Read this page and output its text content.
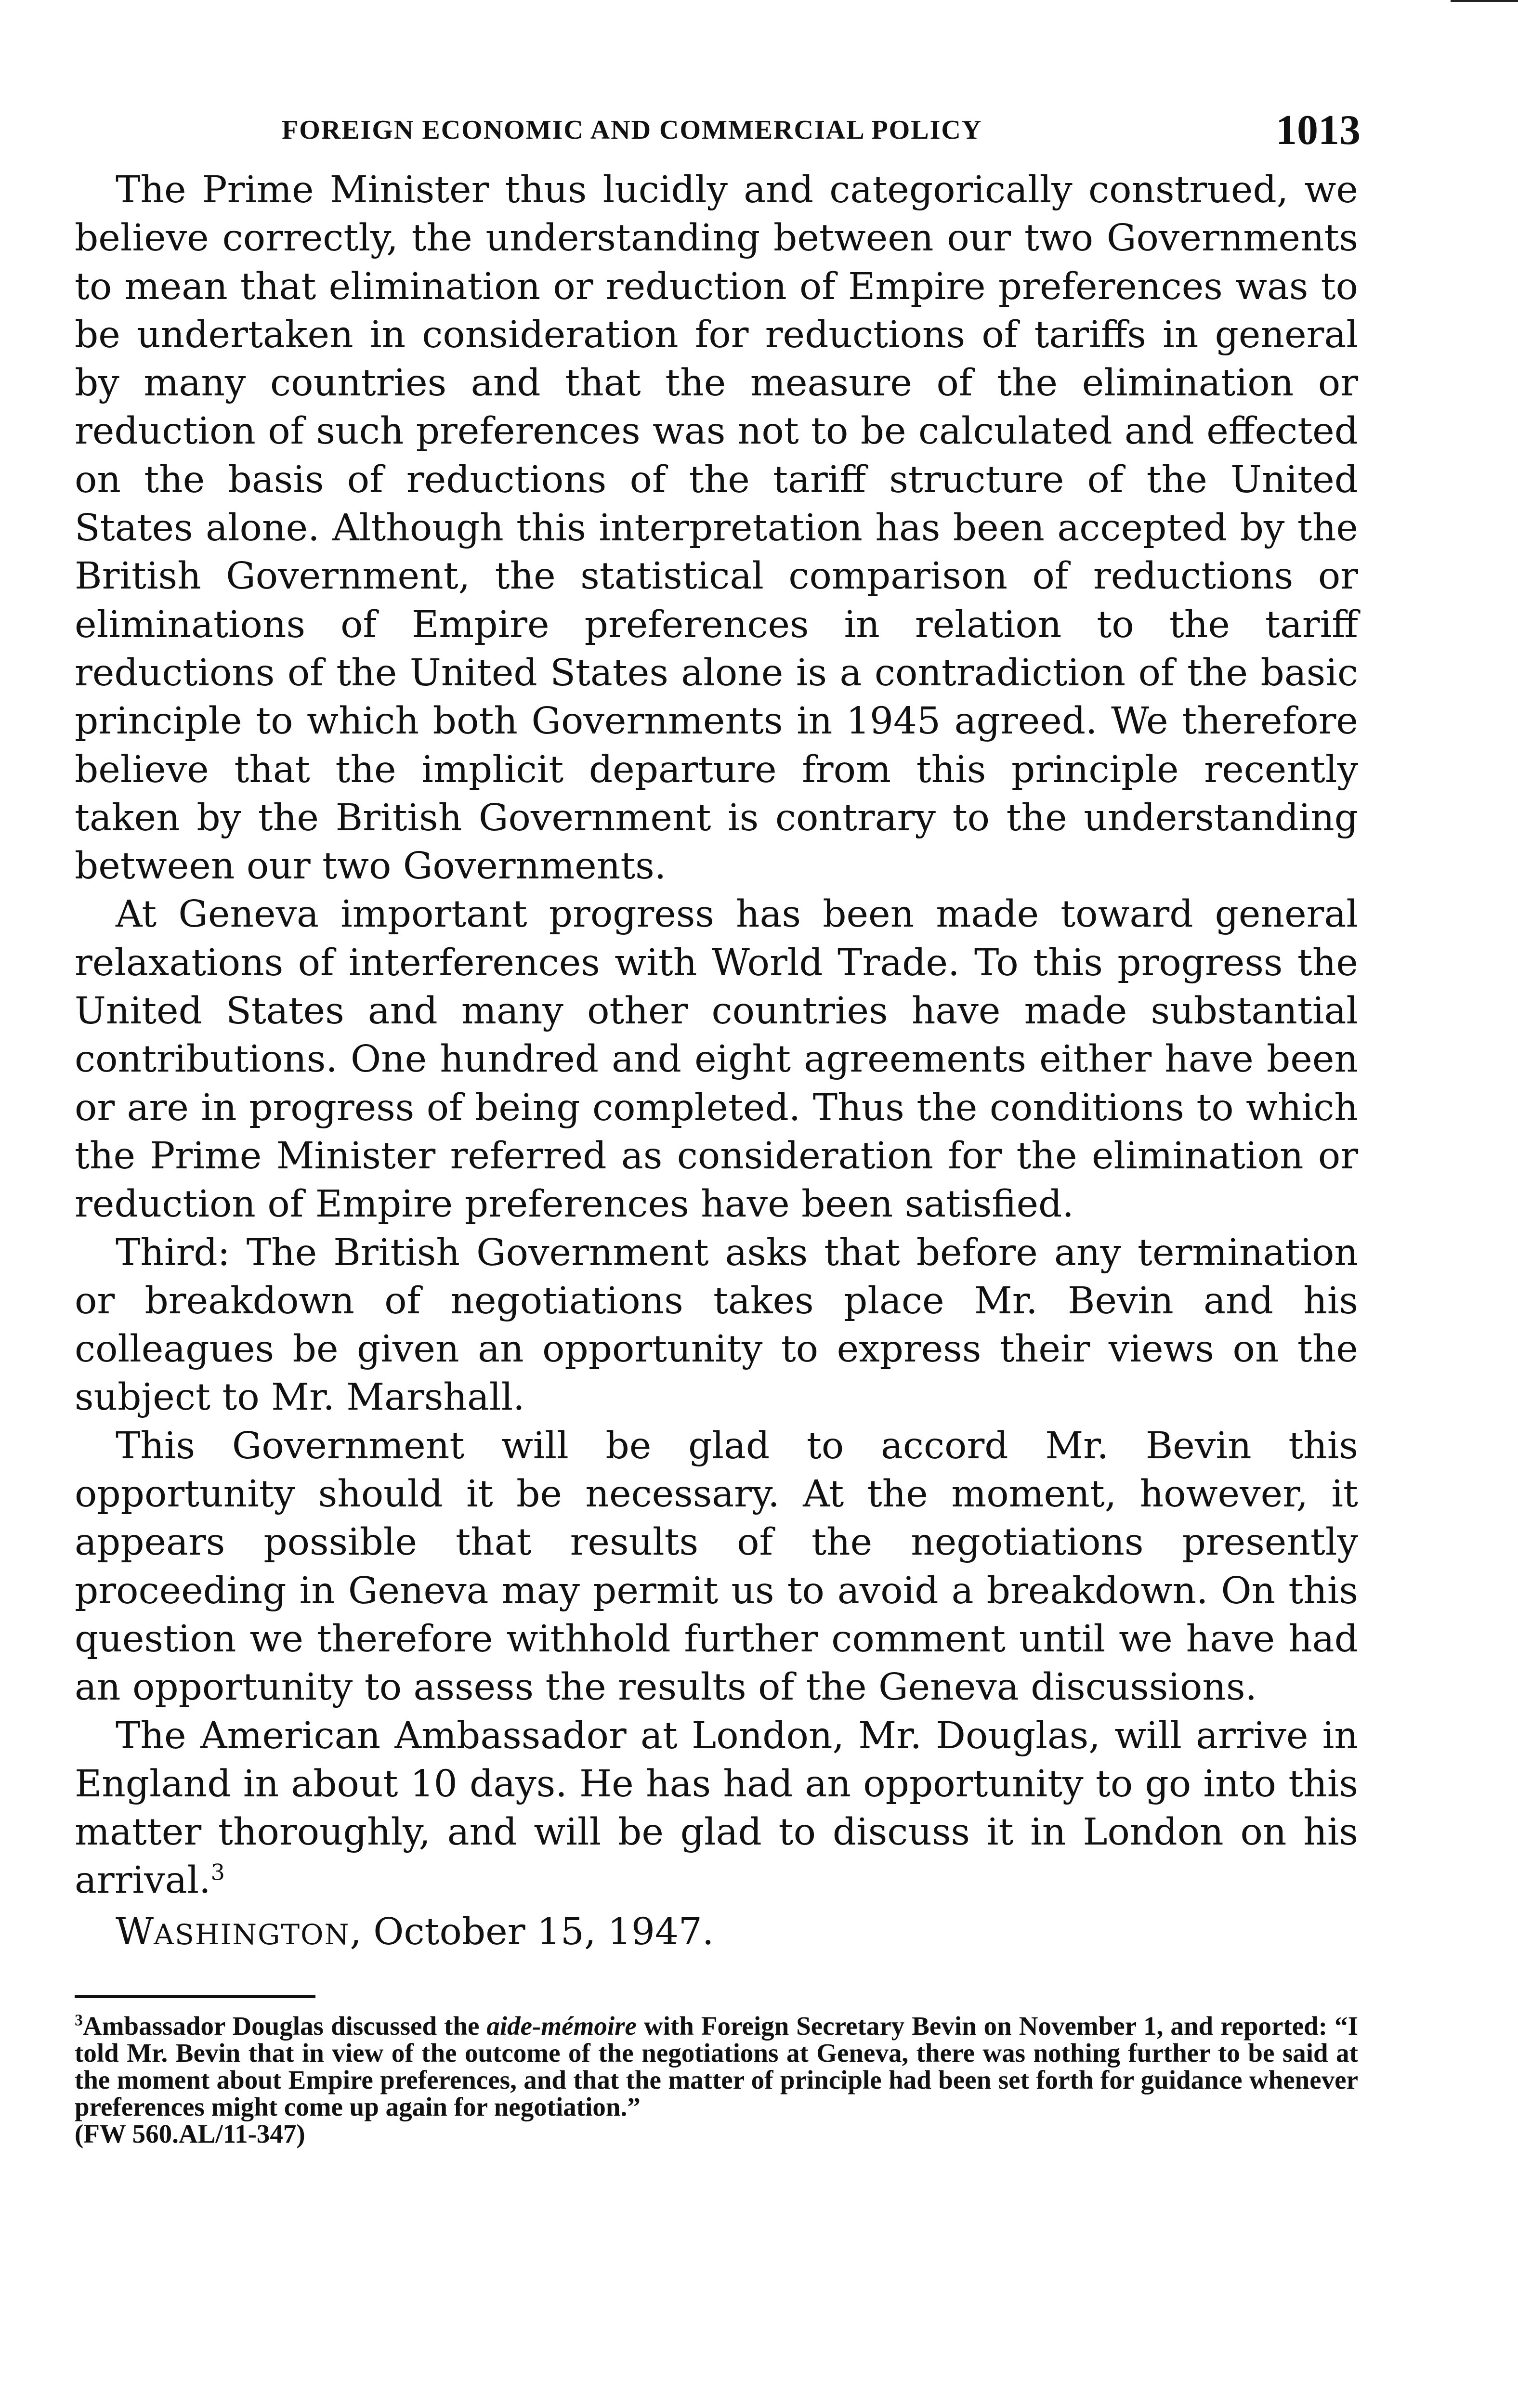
FOREIGN ECONOMIC AND COMMERCIAL POLICY	1013

The Prime Minister thus lucidly and categorically construed, we believe correctly, the understanding between our two Governments to mean that elimination or reduction of Empire preferences was to be undertaken in consideration for reductions of tariffs in general by many countries and that the measure of the elimination or reduction of such preferences was not to be calculated and effected on the basis of reductions of the tariff structure of the United States alone. Although this interpretation has been accepted by the British Government, the statistical comparison of reductions or eliminations of Empire preferences in relation to the tariff reductions of the United States alone is a contradiction of the basic principle to which both Governments in 1945 agreed. We therefore believe that the implicit departure from this principle recently taken by the British Government is contrary to the understanding between our two Governments.

At Geneva important progress has been made toward general relaxations of interferences with World Trade. To this progress the United States and many other countries have made substantial contributions. One hundred and eight agreements either have been or are in progress of being completed. Thus the conditions to which the Prime Minister referred as consideration for the elimination or reduction of Empire preferences have been satisfied.

Third: The British Government asks that before any termination or breakdown of negotiations takes place Mr. Bevin and his colleagues be given an opportunity to express their views on the subject to Mr. Marshall.

This Government will be glad to accord Mr. Bevin this opportunity should it be necessary. At the moment, however, it appears possible that results of the negotiations presently proceeding in Geneva may permit us to avoid a breakdown. On this question we therefore withhold further comment until we have had an opportunity to assess the results of the Geneva discussions.

The American Ambassador at London, Mr. Douglas, will arrive in England in about 10 days. He has had an opportunity to go into this matter thoroughly, and will be glad to discuss it in London on his arrival.$^3$

WASHINGTON, October 15, 1947.

$^3$Ambassador Douglas discussed the aide-mémoire with Foreign Secretary Bevin on November 1, and reported: “I told Mr. Bevin that in view of the outcome of the negotiations at Geneva, there was nothing further to be said at the moment about Empire preferences, and that the matter of principle had been set forth for guidance whenever preferences might come up again for negotiation.”
(FW 560.AL/11-347)
